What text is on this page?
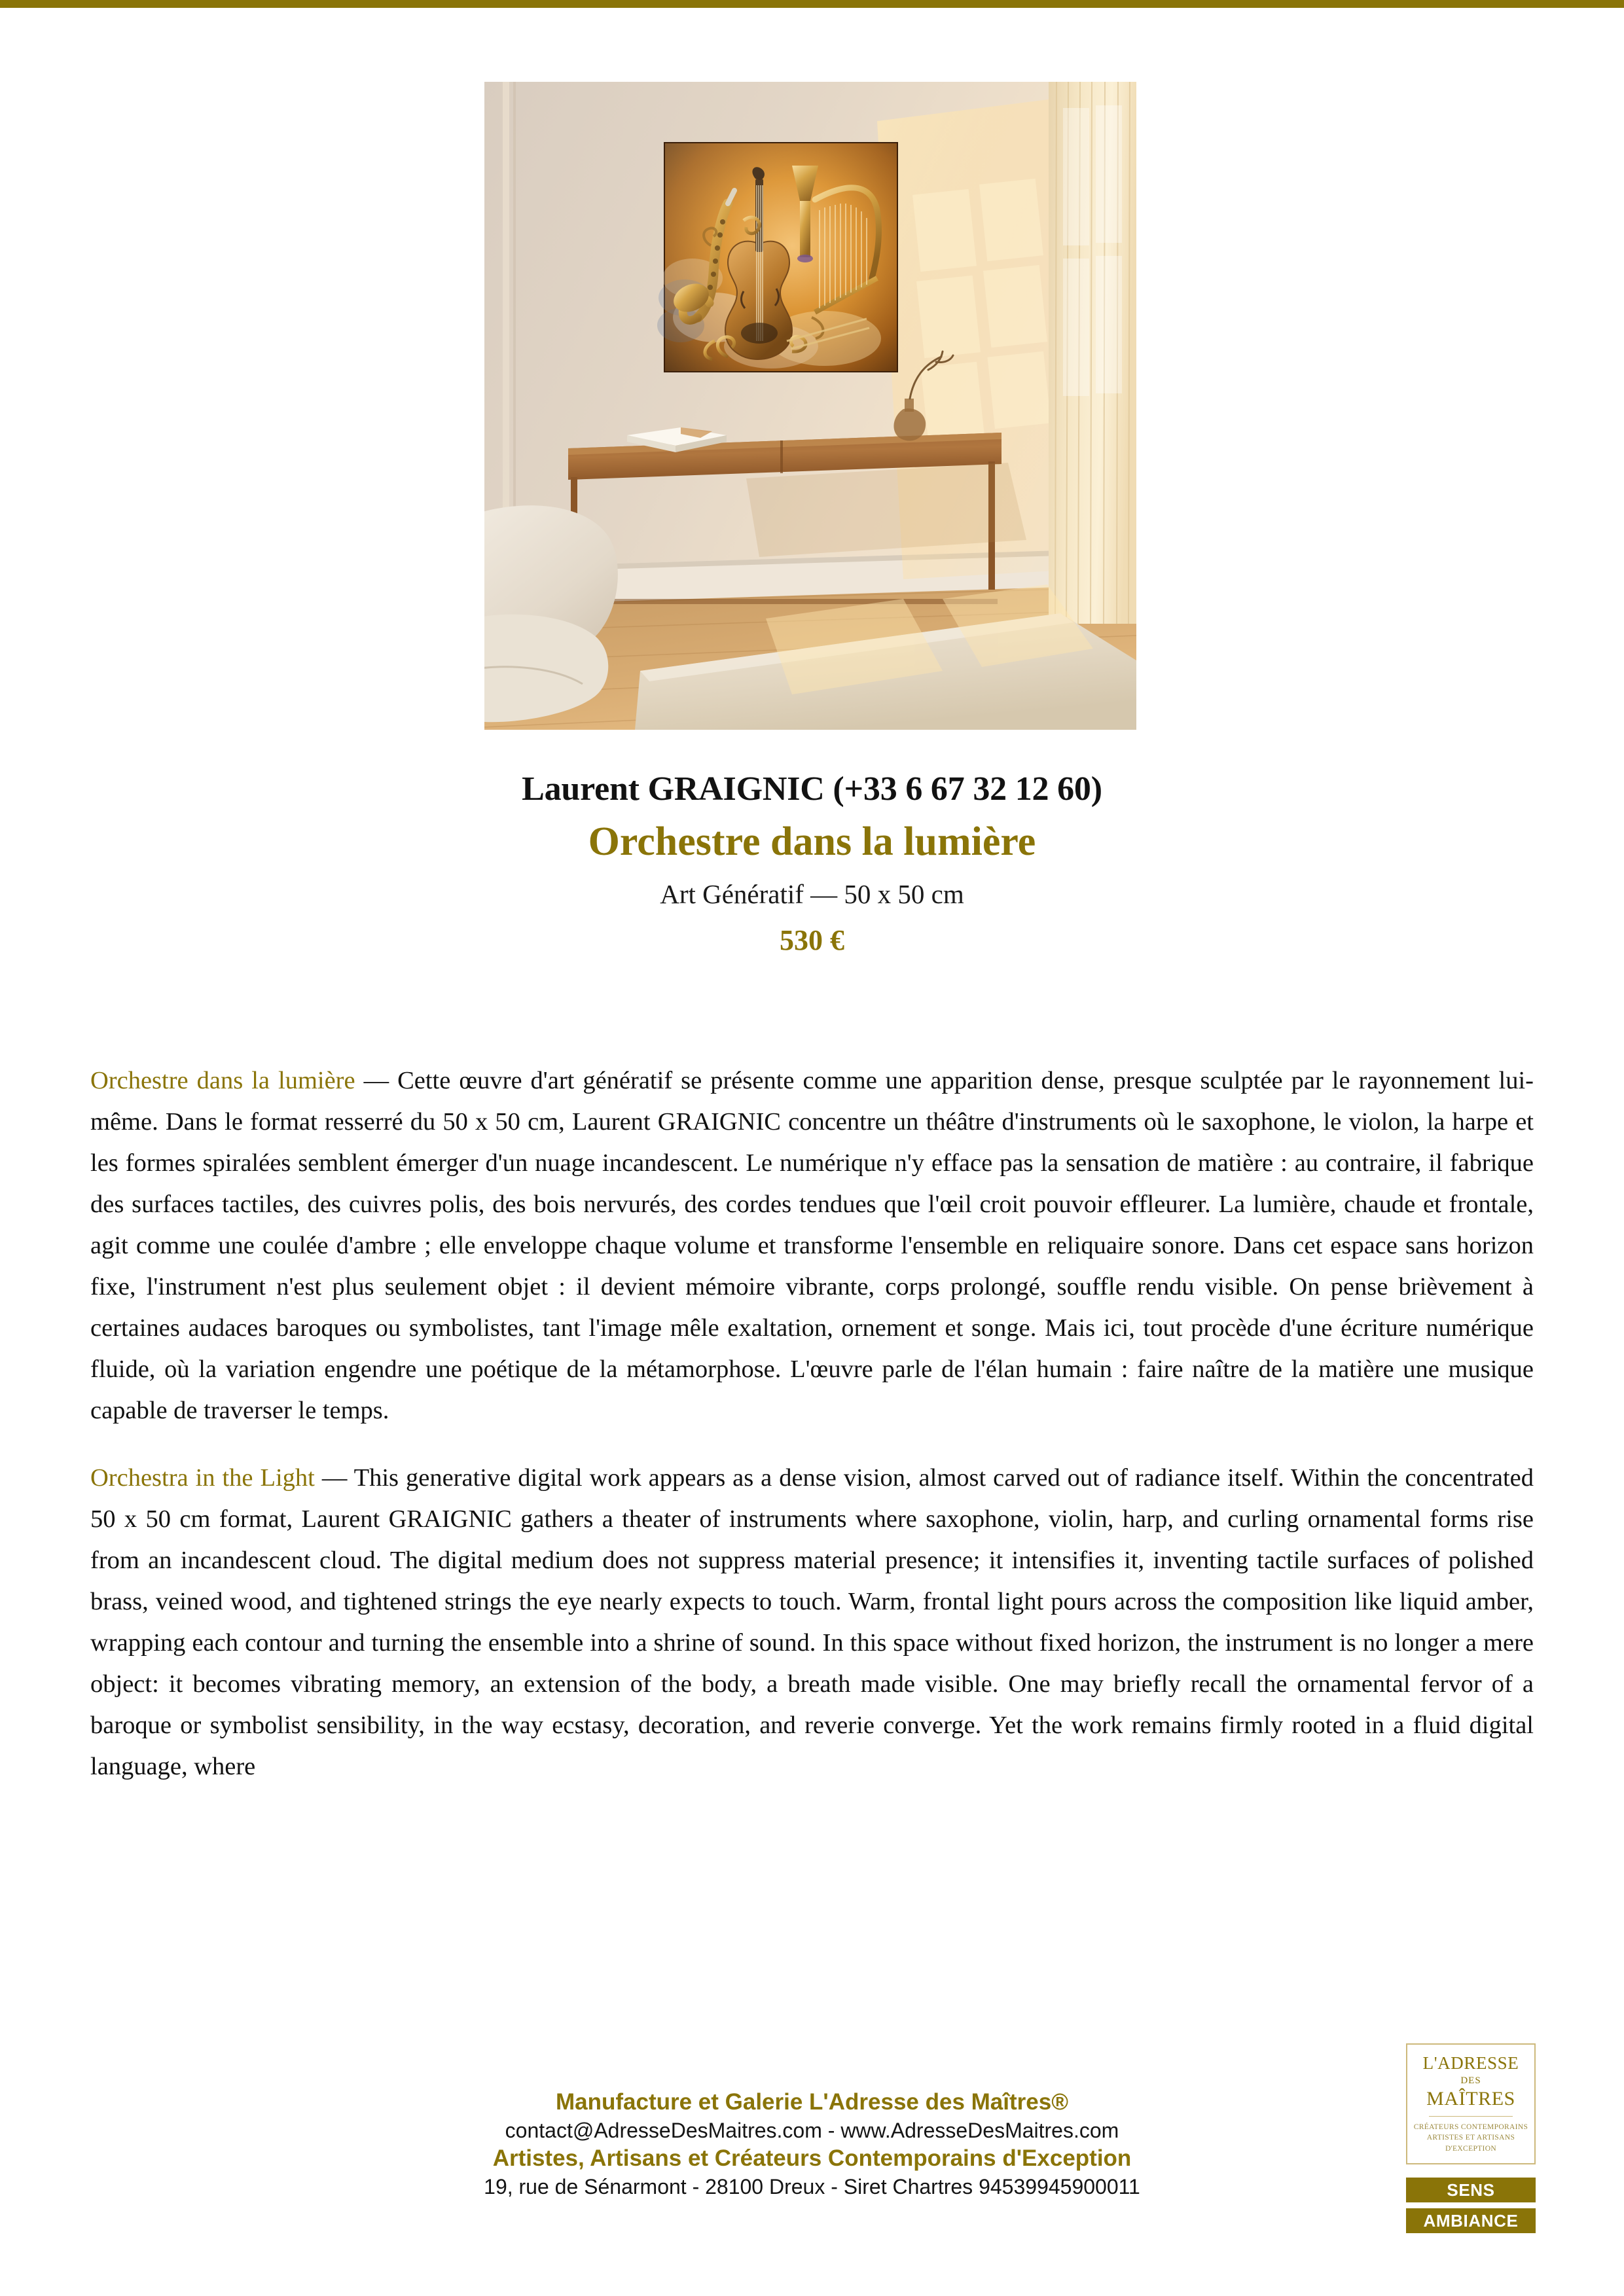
Laurent GRAIGNIC (+33 6 67 32 12 60)
Orchestre dans la lumière
Art Génératif — 50 x 50 cm
530 €

Orchestre dans la lumière — Cette œuvre d'art génératif se présente comme une apparition dense, presque sculptée par le rayonnement lui-même. Dans le format resserré du 50 x 50 cm, Laurent GRAIGNIC concentre un théâtre d'instruments où le saxophone, le violon, la harpe et les formes spiralées semblent émerger d'un nuage incandescent. Le numérique n'y efface pas la sensation de matière : au contraire, il fabrique des surfaces tactiles, des cuivres polis, des bois nervurés, des cordes tendues que l'œil croit pouvoir effleurer. La lumière, chaude et frontale, agit comme une coulée d'ambre ; elle enveloppe chaque volume et transforme l'ensemble en reliquaire sonore. Dans cet espace sans horizon fixe, l'instrument n'est plus seulement objet : il devient mémoire vibrante, corps prolongé, souffle rendu visible. On pense brièvement à certaines audaces baroques ou symbolistes, tant l'image mêle exaltation, ornement et songe. Mais ici, tout procède d'une écriture numérique fluide, où la variation engendre une poétique de la métamorphose. L'œuvre parle de l'élan humain : faire naître de la matière une musique capable de traverser le temps.

Orchestra in the Light — This generative digital work appears as a dense vision, almost carved out of radiance itself. Within the concentrated 50 x 50 cm format, Laurent GRAIGNIC gathers a theater of instruments where saxophone, violin, harp, and curling ornamental forms rise from an incandescent cloud. The digital medium does not suppress material presence; it intensifies it, inventing tactile surfaces of polished brass, veined wood, and tightened strings the eye nearly expects to touch. Warm, frontal light pours across the composition like liquid amber, wrapping each contour and turning the ensemble into a shrine of sound. In this space without fixed horizon, the instrument is no longer a mere object: it becomes vibrating memory, an extension of the body, a breath made visible. One may briefly recall the ornamental fervor of a baroque or symbolist sensibility, in the way ecstasy, decoration, and reverie converge. Yet the work remains firmly rooted in a fluid digital language, where

Manufacture et Galerie L'Adresse des Maîtres®
contact@AdresseDesMaitres.com - www.AdresseDesMaitres.com
Artistes, Artisans et Créateurs Contemporains d'Exception
19, rue de Sénarmont - 28100 Dreux - Siret Chartres 94539945900011
L'ADRESSE
DES
MAÎTRES
CRÉATEURS CONTEMPORAINS
ARTISTES ET ARTISANS
D'EXCEPTION
SENS
AMBIANCE
